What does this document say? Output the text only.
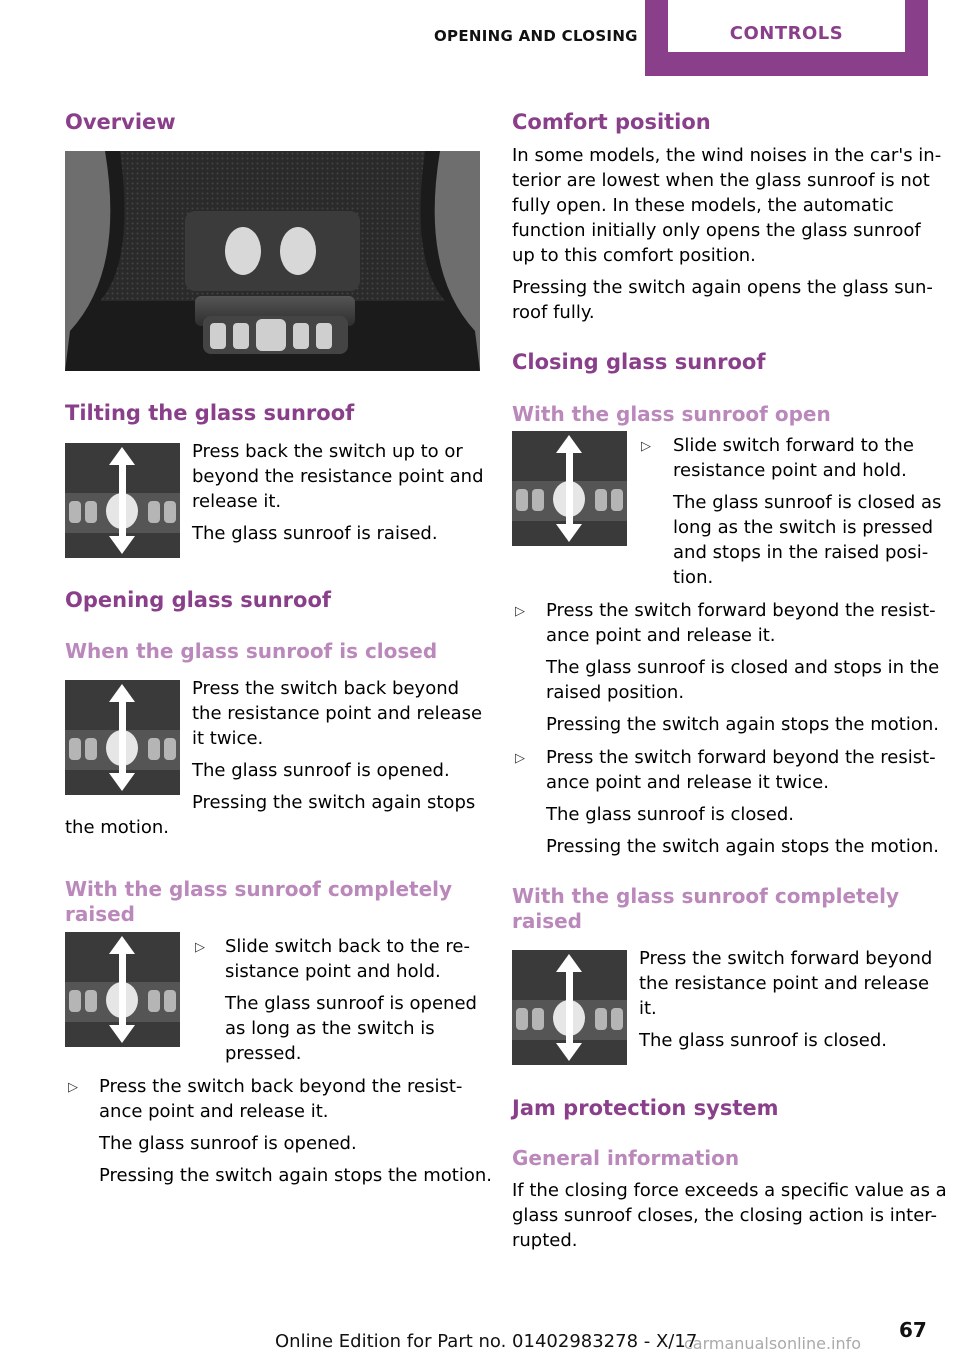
OPENING AND CLOSING	CONTROLS
Overview
Tilting the glass sunroof

Press back the switch up to or

beyond the resistance point and

release it.

The glass sunroof is raised.

Opening glass sunroof
When the glass sunroof is closed

Press the switch back beyond

the resistance point and release

it twice.

The glass sunroof is opened.

Pressing the switch again stops

the motion.

With the glass sunroof completely
raised
▷ Slide switch back to the re-

sistance point and hold.

The glass sunroof is opened

as long as the switch is

pressed.

▷ Press the switch back beyond the resist-

ance point and release it.

The glass sunroof is opened.

Pressing the switch again stops the motion.

Comfort position

In some models, the wind noises in the car's in-

terior are lowest when the glass sunroof is not

fully open. In these models, the automatic

function initially only opens the glass sunroof

up to this comfort position.

Pressing the switch again opens the glass sun-

roof fully.

Closing glass sunroof
With the glass sunroof open
▷ Slide switch forward to the

resistance point and hold.

The glass sunroof is closed as

long as the switch is pressed

and stops in the raised posi-

tion.

▷ Press the switch forward beyond the resist-

ance point and release it.

The glass sunroof is closed and stops in the

raised position.

Pressing the switch again stops the motion.

▷ Press the switch forward beyond the resist-

ance point and release it twice.

The glass sunroof is closed.

Pressing the switch again stops the motion.

With the glass sunroof completely
raised

Press the switch forward beyond

the resistance point and release

it.

The glass sunroof is closed.

Jam protection system
General information

If the closing force exceeds a specific value as a

glass sunroof closes, the closing action is inter-

rupted.

67
Online Edition for Part no. 01402983278 - X/17
carmanualsonline.info
